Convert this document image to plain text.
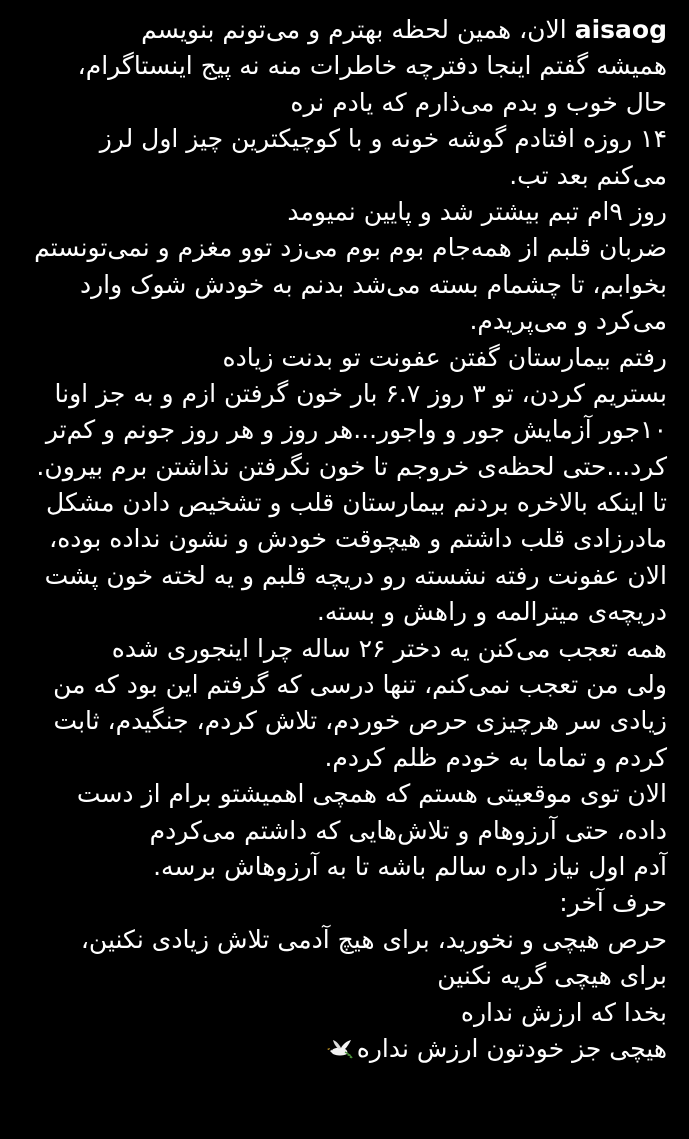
aisaogالان، همین لحظه بهترم و می‌تونم بنویسم
همیشه گفتم اینجا دفترچه خاطرات منه نه پیج اینستاگرام،
حال خوب و بدم می‌ذارم که یادم نره
۱۴ روزه افتادم گوشه خونه و با کوچیکترین چیز اول لرز
می‌کنم بعد تب.
روز ۹ام تبم بیشتر شد و پایین نمیومد
ضربان قلبم از همه‌جام بوم بوم می‌زد توو مغزم و نمی‌تونستم
بخوابم، تا چشمام بسته می‌شد بدنم به خودش شوک وارد
می‌کرد و می‌پریدم.
رفتم بیمارستان گفتن عفونت تو بدنت زیاده
بستریم کردن، تو ۳ روز ۶.۷ بار خون گرفتن ازم و به جز اونا
۱۰جور آزمایش جور و واجور...هر روز و هر روز جونم و کم‌تر
کرد...حتی لحظه‌ی خروجم تا خون نگرفتن نذاشتن برم بیرون.
تا اینکه بالاخره بردنم بیمارستان قلب و تشخیص دادن مشکل
مادرزادی قلب داشتم و هیچوقت خودش و نشون نداده بوده،
الان عفونت رفته نشسته رو دریچه قلبم و یه لخته خون پشت
دریچه‌ی میترالمه و راهش و بسته.
همه تعجب می‌کنن یه دختر ۲۶ ساله چرا اینجوری شده
ولی من تعجب نمی‌کنم، تنها درسی که گرفتم این بود که من
زیادی سر هرچیزی حرص خوردم، تلاش کردم، جنگیدم، ثابت
کردم و تماما به خودم ظلم کردم.
الان توی موقعیتی هستم که همچی اهمیشتو برام از دست
داده، حتی آرزوهام و تلاش‌هایی که داشتم می‌کردم
آدم اول نیاز داره سالم باشه تا به آرزوهاش برسه.
حرف آخر:
حرص هیچی و نخورید، برای هیچ آدمی تلاش زیادی نکنین،
برای هیچی گریه نکنین
بخدا که ارزش نداره
هیچی جز خودتون ارزش نداره
